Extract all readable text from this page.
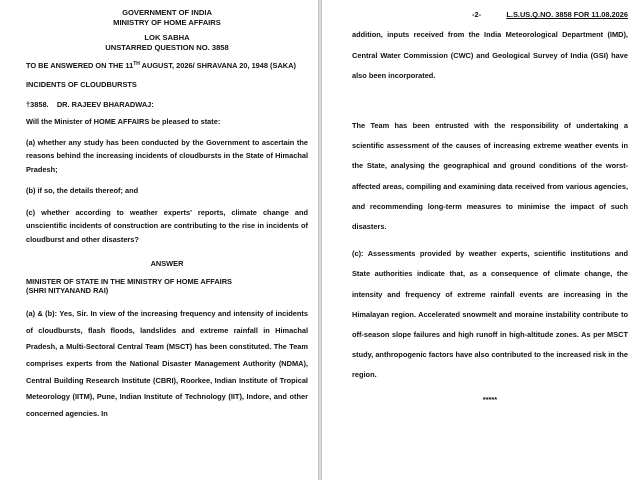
GOVERNMENT OF INDIA

MINISTRY OF HOME AFFAIRS

LOK SABHA

UNSTARRED QUESTION NO. 3858

TO BE ANSWERED ON THE 11TH AUGUST, 2026/ SHRAVANA 20, 1948 (SAKA)

INCIDENTS OF CLOUDBURSTS

†3858. DR. RAJEEV BHARADWAJ:

Will the Minister of HOME AFFAIRS be pleased to state:

(a) whether any study has been conducted by the Government to ascertain the reasons behind the increasing incidents of cloudbursts in the State of Himachal Pradesh;

(b) if so, the details thereof; and

(c) whether according to weather experts' reports, climate change and unscientific incidents of construction are contributing to the rise in incidents of cloudburst and other disasters?

ANSWER

MINISTER OF STATE IN THE MINISTRY OF HOME AFFAIRS

(SHRI NITYANAND RAI)

(a) & (b): Yes, Sir. In view of the increasing frequency and intensity of incidents of cloudbursts, flash floods, landslides and extreme rainfall in Himachal Pradesh, a Multi-Sectoral Central Team (MSCT) has been constituted. The Team comprises experts from the National Disaster Management Authority (NDMA), Central Building Research Institute (CBRI), Roorkee, Indian Institute of Tropical Meteorology (IITM), Pune, Indian Institute of Technology (IIT), Indore, and other concerned agencies. In

-2-	L.S.US.Q.NO. 3858 FOR 11.08.2026

addition, inputs received from the India Meteorological Department (IMD), Central Water Commission (CWC) and Geological Survey of India (GSI) have also been incorporated.

The Team has been entrusted with the responsibility of undertaking a scientific assessment of the causes of increasing extreme weather events in the State, analysing the geographical and ground conditions of the worst-affected areas, compiling and examining data received from various agencies, and recommending long-term measures to minimise the impact of such disasters.

(c): Assessments provided by weather experts, scientific institutions and State authorities indicate that, as a consequence of climate change, the intensity and frequency of extreme rainfall events are increasing in the Himalayan region. Accelerated snowmelt and moraine instability contribute to off-season slope failures and high runoff in high-altitude zones. As per MSCT study, anthropogenic factors have also contributed to the increased risk in the region.

*****
